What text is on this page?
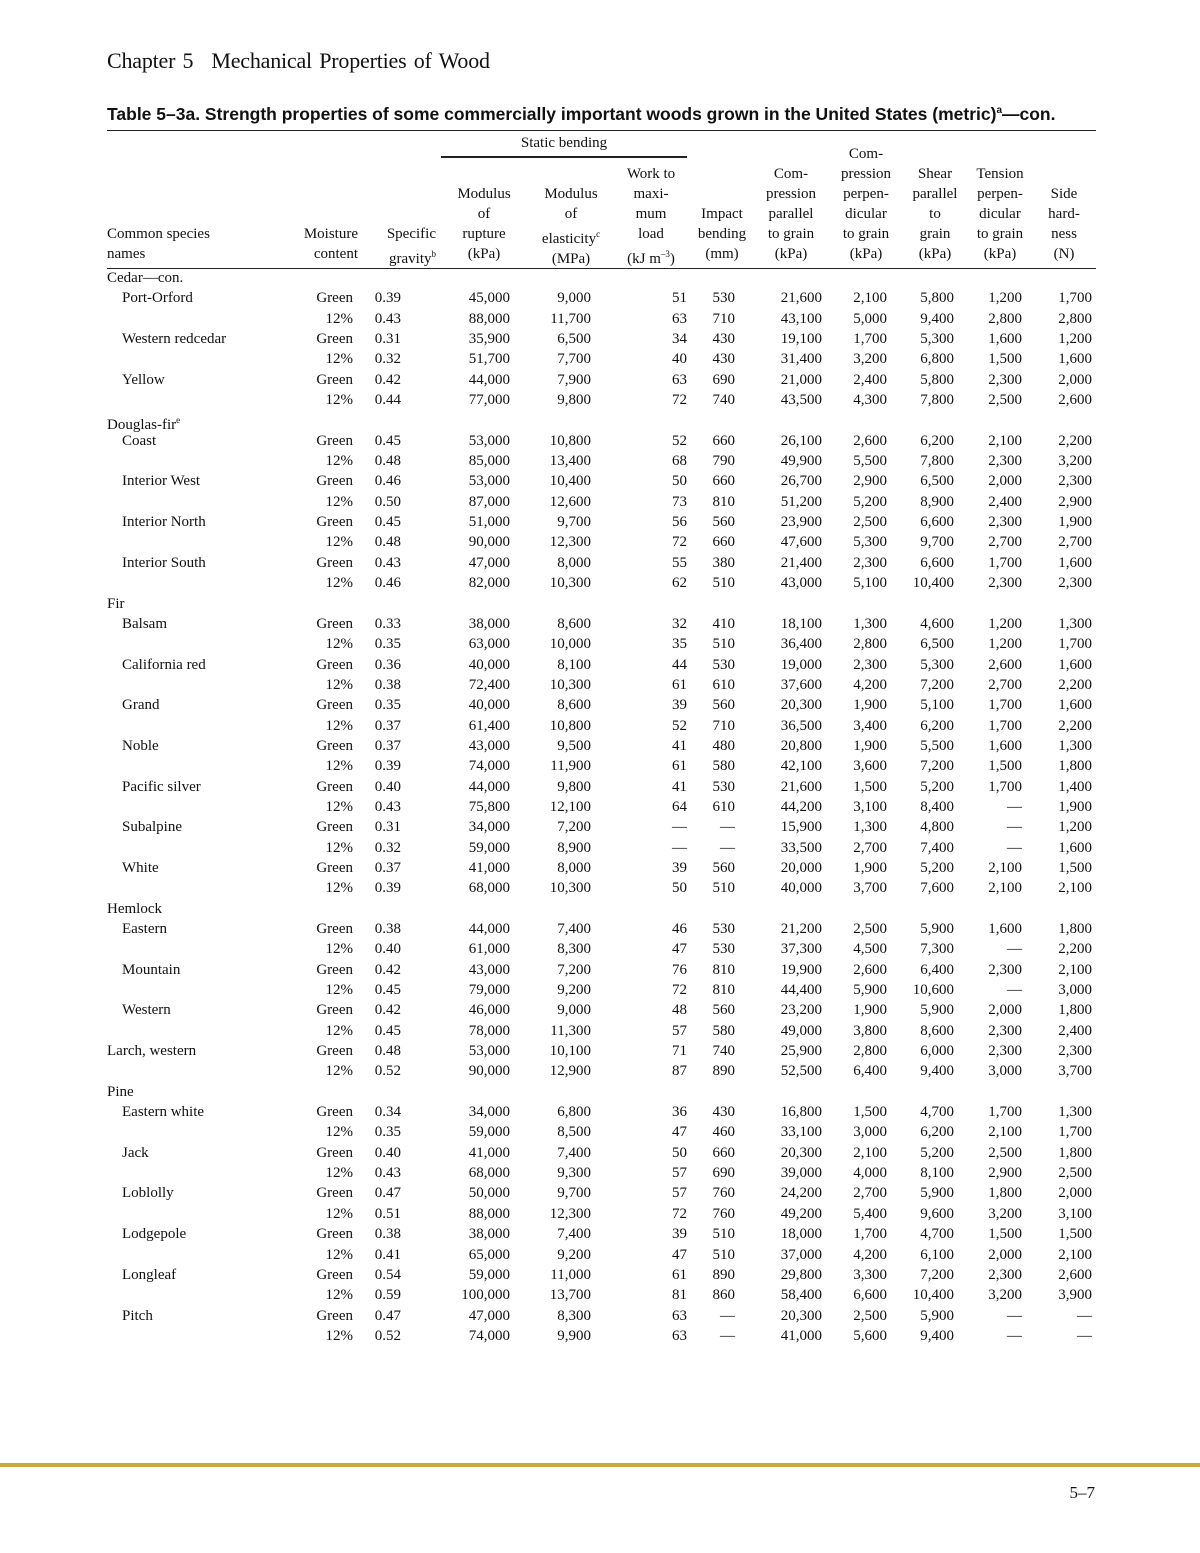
Chapter 5 Mechanical Properties of Wood
Table 5–3a. Strength properties of some commercially important woods grown in the United States (metric)$^a$—con.
Static bending
Common species
names
Moisture
content
Specific
gravity$^b$
Modulus
of
rupture
(kPa)
Modulus
of
elasticity$^c$
(MPa)
Work to
maxi-
mum
load
(kJ $m^{-3}$)
Impact
bending
(mm)
Com-
pression
parallel
to grain
(kPa)
Com-
pression
perpen-
dicular
to grain
(kPa)
Shear
parallel
to
grain
(kPa)
Tension
perpen-
dicular
to grain
(kPa)
Side
hard-
ness
(N)
Cedar—con.
Port-Orford	Green 0.39	45,000	9,000	51 530	21,600 2,100 5,800 1,200 1,700
12% 0.43	88,000	11,700	63 710	43,100 5,000 9,400 2,800 2,800
Western redcedar	Green 0.31	35,900	6,500	34 430	19,100 1,700 5,300 1,600 1,200
12% 0.32	51,700	7,700	40 430	31,400 3,200 6,800 1,500 1,600
Yellow	Green 0.42	44,000	7,900	63 690	21,000 2,400 5,800 2,300 2,000
12% 0.44	77,000	9,800	72 740	43,500 4,300 7,800 2,500 2,600
Douglas-fir$^e$
Coast	Green 0.45	53,000	10,800	52 660	26,100 2,600 6,200 2,100 2,200
12% 0.48	85,000	13,400	68 790	49,900 5,500 7,800 2,300 3,200
Interior West	Green 0.46	53,000	10,400	50 660	26,700 2,900 6,500 2,000 2,300
12% 0.50	87,000	12,600	73 810	51,200 5,200 8,900 2,400 2,900
Interior North	Green 0.45	51,000	9,700	56 560	23,900 2,500 6,600 2,300 1,900
12% 0.48	90,000	12,300	72 660	47,600 5,300 9,700 2,700 2,700
Interior South	Green 0.43	47,000	8,000	55 380	21,400 2,300 6,600 1,700 1,600
12% 0.46	82,000	10,300	62 510	43,000 5,100 10,400 2,300 2,300
Fir
Balsam	Green 0.33	38,000	8,600	32 410	18,100 1,300 4,600 1,200 1,300
12% 0.35	63,000	10,000	35 510	36,400 2,800 6,500 1,200 1,700
California red	Green 0.36	40,000	8,100	44 530	19,000 2,300 5,300 2,600 1,600
12% 0.38	72,400	10,300	61 610	37,600 4,200 7,200 2,700 2,200
Grand	Green 0.35	40,000	8,600	39 560	20,300 1,900 5,100 1,700 1,600
12% 0.37	61,400	10,800	52 710	36,500 3,400 6,200 1,700 2,200
Noble	Green 0.37	43,000	9,500	41 480	20,800 1,900 5,500 1,600 1,300
12% 0.39	74,000	11,900	61 580	42,100 3,600 7,200 1,500 1,800
Pacific silver	Green 0.40	44,000	9,800	41 530	21,600 1,500 5,200 1,700 1,400
12% 0.43	75,800	12,100	64 610	44,200 3,100 8,400	— 1,900
Subalpine	Green 0.31	34,000	7,200	— —	15,900 1,300 4,800	— 1,200
12% 0.32	59,000	8,900	— —	33,500 2,700 7,400	— 1,600
White	Green 0.37	41,000	8,000	39 560	20,000 1,900 5,200 2,100 1,500
12% 0.39	68,000	10,300	50 510	40,000 3,700 7,600 2,100 2,100
Hemlock
Eastern	Green 0.38	44,000	7,400	46 530	21,200 2,500 5,900 1,600 1,800
12% 0.40	61,000	8,300	47 530	37,300 4,500 7,300	— 2,200
Mountain	Green 0.42	43,000	7,200	76 810	19,900 2,600 6,400 2,300 2,100
12% 0.45	79,000	9,200	72 810	44,400 5,900 10,600	— 3,000
Western	Green 0.42	46,000	9,000	48 560	23,200 1,900 5,900 2,000 1,800
12% 0.45	78,000	11,300	57 580	49,000 3,800 8,600 2,300 2,400
Larch, western	Green 0.48	53,000	10,100	71 740	25,900 2,800 6,000 2,300 2,300
12% 0.52	90,000	12,900	87 890	52,500 6,400 9,400 3,000 3,700
Pine
Eastern white	Green 0.34	34,000	6,800	36 430	16,800 1,500 4,700 1,700 1,300
12% 0.35	59,000	8,500	47 460	33,100 3,000 6,200 2,100 1,700
Jack	Green 0.40	41,000	7,400	50 660	20,300 2,100 5,200 2,500 1,800
12% 0.43	68,000	9,300	57 690	39,000 4,000 8,100 2,900 2,500
Loblolly	Green 0.47	50,000	9,700	57 760	24,200 2,700 5,900 1,800 2,000
12% 0.51	88,000	12,300	72 760	49,200 5,400 9,600 3,200 3,100
Lodgepole	Green 0.38	38,000	7,400	39 510	18,000 1,700 4,700 1,500 1,500
12% 0.41	65,000	9,200	47 510	37,000 4,200 6,100 2,000 2,100
Longleaf	Green 0.54	59,000	11,000	61 890	29,800 3,300 7,200 2,300 2,600
12% 0.59	100,000	13,700	81 860	58,400 6,600 10,400 3,200 3,900
Pitch	Green 0.47	47,000	8,300	63 —	20,300 2,500 5,900	—	—
12% 0.52	74,000	9,900	63 —	41,000 5,600 9,400	—	—
5–7
